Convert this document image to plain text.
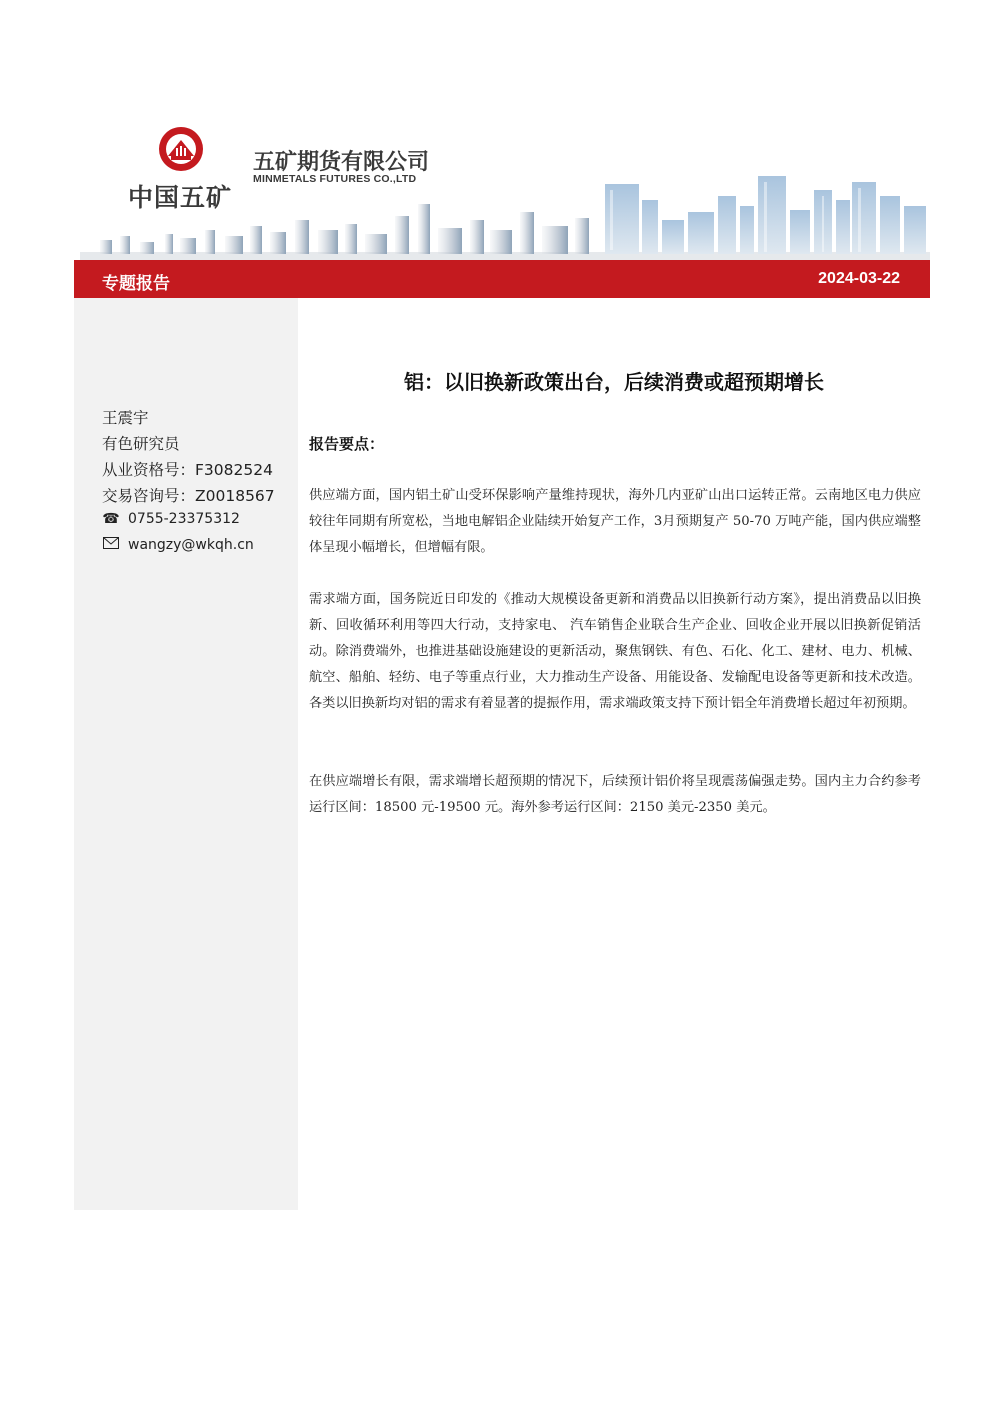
中国五矿
五矿期货有限公司
MINMETALS FUTURES CO.,LTD
专题报告	2024-03-22
王震宇
有色研究员
从业资格号：F3082524
交易咨询号：Z0018567
☎ 0755-23375312
wangzy@wkqh.cn
铝：以旧换新政策出台，后续消费或超预期增长
报告要点：
供应端方面，国内铝土矿山受环保影响产量维持现状，海外几内亚矿山出口运转正常。云南地区电力供应较往年同期有所宽松，当地电解铝企业陆续开始复产工作，3月预期复产 50-70 万吨产能，国内供应端整体呈现小幅增长，但增幅有限。
需求端方面，国务院近日印发的《推动大规模设备更新和消费品以旧换新行动方案》，提出消费品以旧换新、回收循环利用等四大行动，支持家电、 汽车销售企业联合生产企业、回收企业开展以旧换新促销活动。除消费端外，也推进基础设施建设的更新活动，聚焦钢铁、有色、石化、化工、建材、电力、机械、航空、船舶、轻纺、电子等重点行业，大力推动生产设备、用能设备、发输配电设备等更新和技术改造。各类以旧换新均对铝的需求有着显著的提振作用，需求端政策支持下预计铝全年消费增长超过年初预期。
在供应端增长有限，需求端增长超预期的情况下，后续预计铝价将呈现震荡偏强走势。国内主力合约参考运行区间：18500 元-19500 元。海外参考运行区间：2150 美元-2350 美元。
